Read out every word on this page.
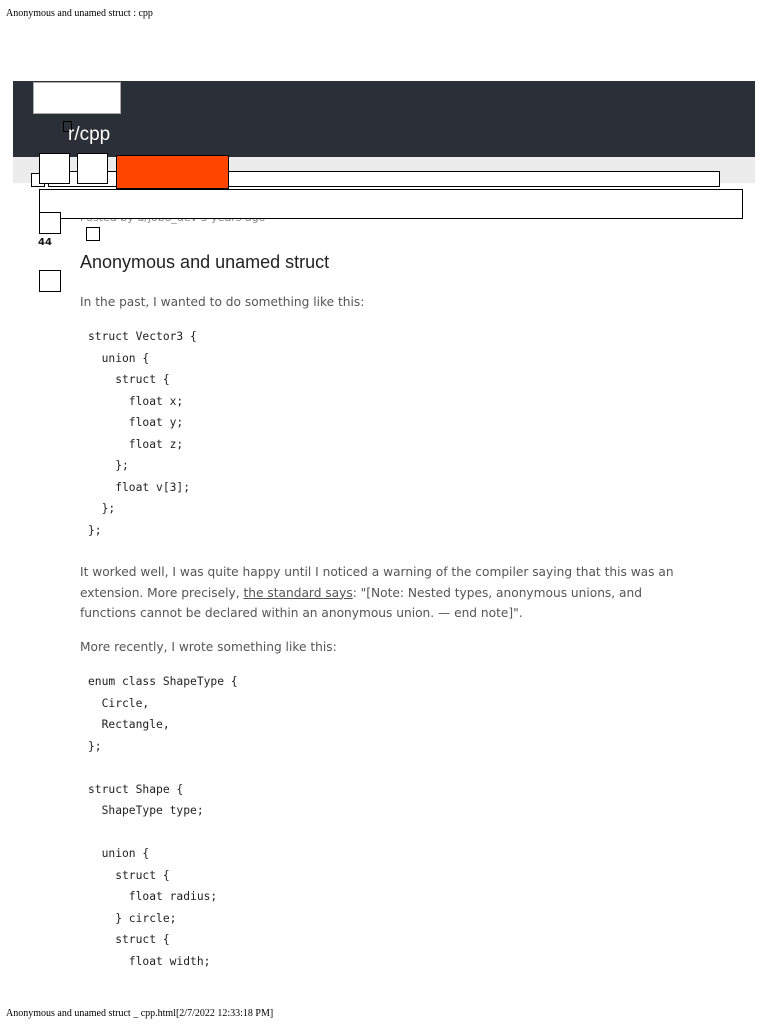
Anonymous and unamed struct : cpp
r/cpp
44
Anonymous and unamed struct

In the past, I wanted to do something like this:

struct Vector3 {
union {
struct {
float x;
float y;
float z;
};
float v[3];
};
};

It worked well, I was quite happy until I noticed a warning of the compiler saying that this was an extension. More precisely, the standard says: "[Note: Nested types, anonymous unions, and functions cannot be declared within an anonymous union. — end note]".

More recently, I wrote something like this:

enum class ShapeType {
Circle,
Rectangle,
};

struct Shape {
ShapeType type;

union {
struct {
float radius;
} circle;
struct {
float width;
Anonymous and unamed struct _ cpp.html[2/7/2022 12:33:18 PM]
